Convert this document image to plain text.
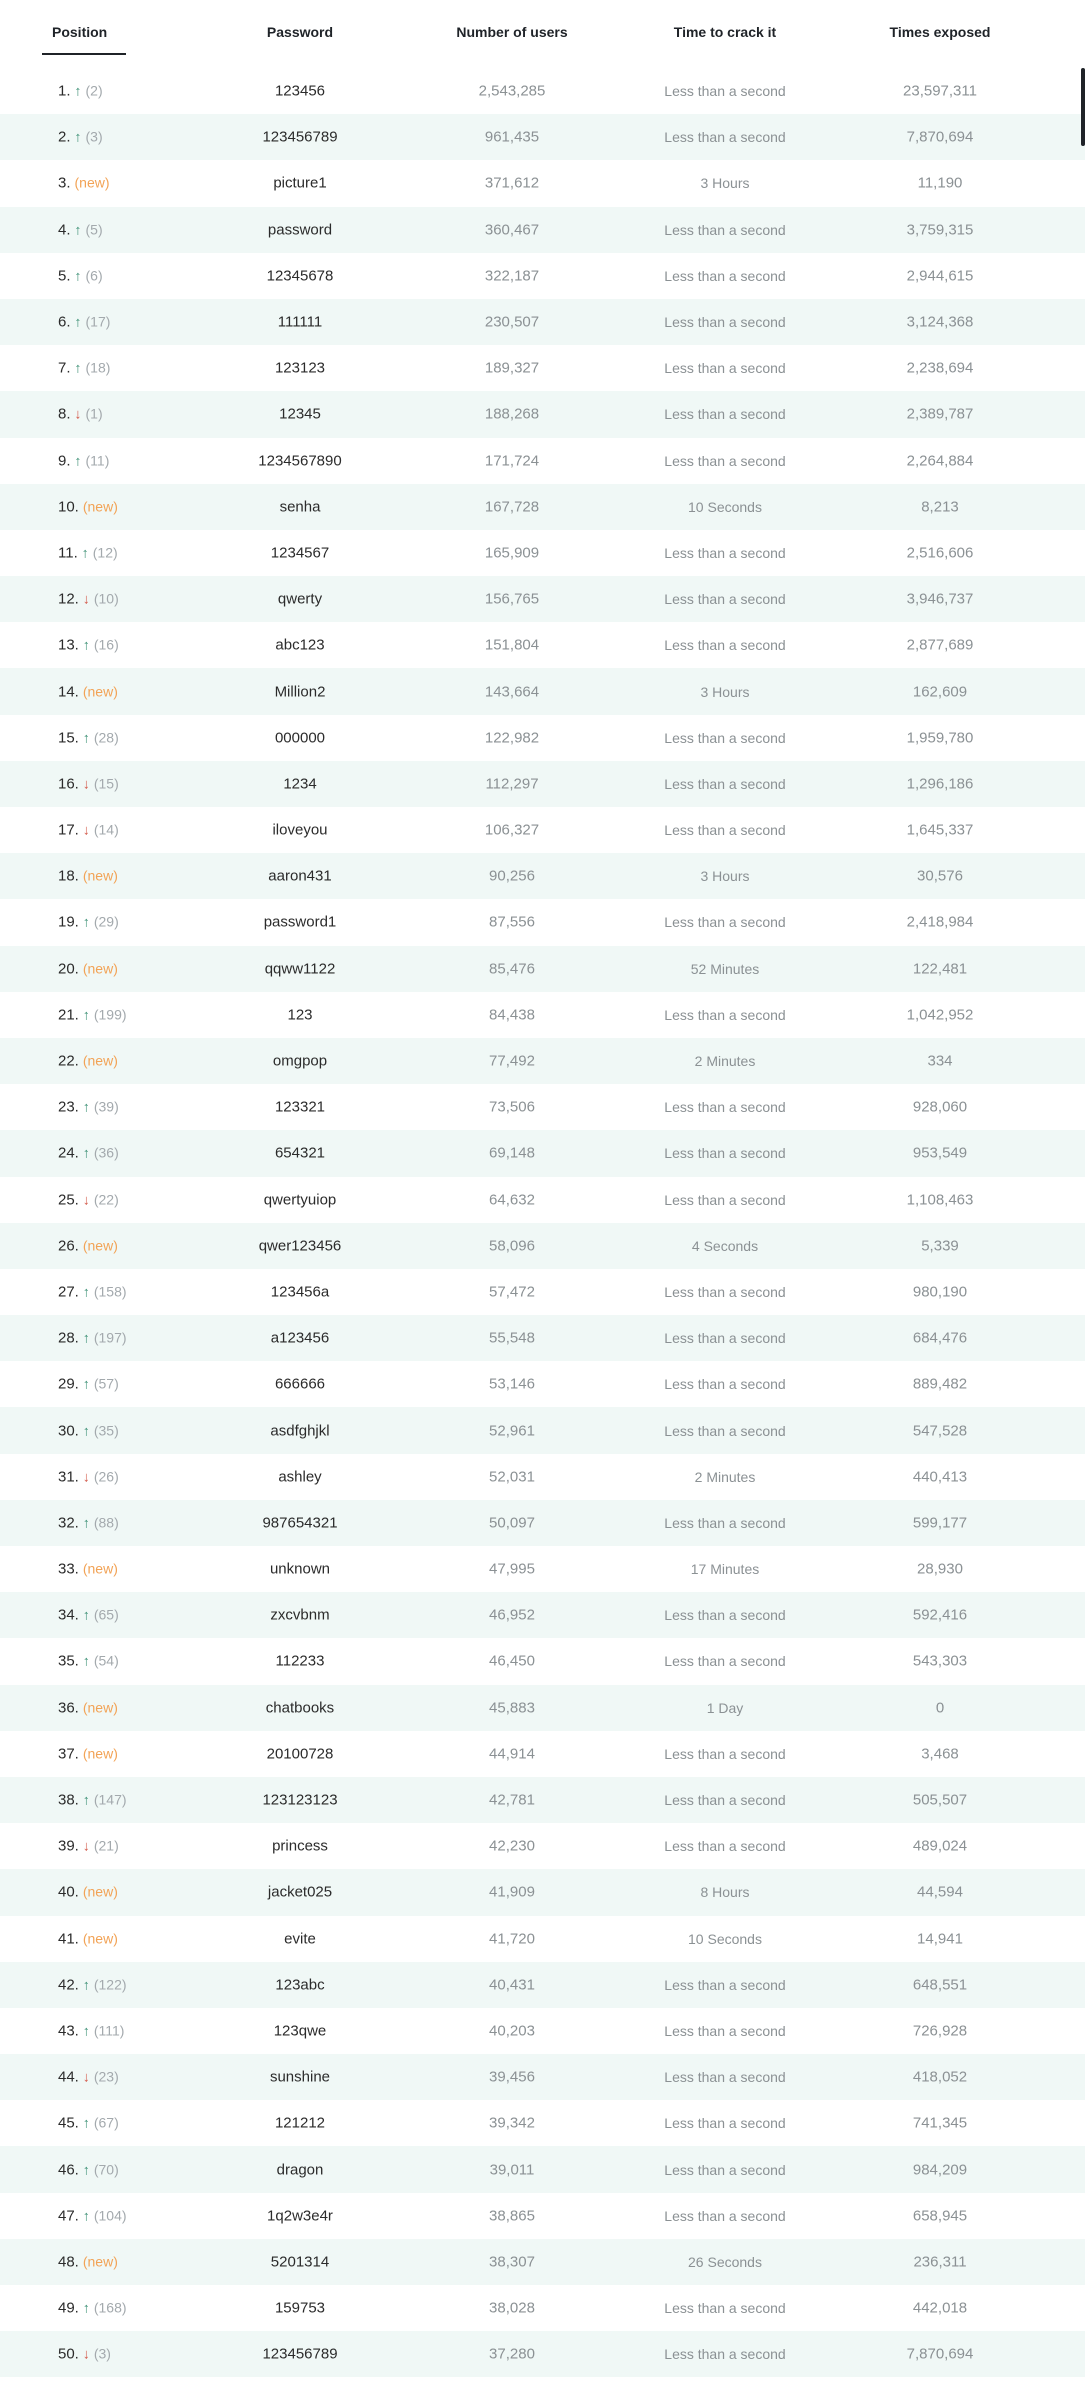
Position	Password	Number of users	Time to crack it	Times exposed
1. ↑ (2)	123456	2,543,285	Less than a second	23,597,311
2. ↑ (3)	123456789	961,435	Less than a second	7,870,694
3. (new)	picture1	371,612	3 Hours	11,190
4. ↑ (5)	password	360,467	Less than a second	3,759,315
5. ↑ (6)	12345678	322,187	Less than a second	2,944,615
6. ↑ (17)	111111	230,507	Less than a second	3,124,368
7. ↑ (18)	123123	189,327	Less than a second	2,238,694
8. ↓ (1)	12345	188,268	Less than a second	2,389,787
9. ↑ (11)	1234567890	171,724	Less than a second	2,264,884
10. (new)	senha	167,728	10 Seconds	8,213
11. ↑ (12)	1234567	165,909	Less than a second	2,516,606
12. ↓ (10)	qwerty	156,765	Less than a second	3,946,737
13. ↑ (16)	abc123	151,804	Less than a second	2,877,689
14. (new)	Million2	143,664	3 Hours	162,609
15. ↑ (28)	000000	122,982	Less than a second	1,959,780
16. ↓ (15)	1234	112,297	Less than a second	1,296,186
17. ↓ (14)	iloveyou	106,327	Less than a second	1,645,337
18. (new)	aaron431	90,256	3 Hours	30,576
19. ↑ (29)	password1	87,556	Less than a second	2,418,984
20. (new)	qqww1122	85,476	52 Minutes	122,481
21. ↑ (199)	123	84,438	Less than a second	1,042,952
22. (new)	omgpop	77,492	2 Minutes	334
23. ↑ (39)	123321	73,506	Less than a second	928,060
24. ↑ (36)	654321	69,148	Less than a second	953,549
25. ↓ (22)	qwertyuiop	64,632	Less than a second	1,108,463
26. (new)	qwer123456	58,096	4 Seconds	5,339
27. ↑ (158)	123456a	57,472	Less than a second	980,190
28. ↑ (197)	a123456	55,548	Less than a second	684,476
29. ↑ (57)	666666	53,146	Less than a second	889,482
30. ↑ (35)	asdfghjkl	52,961	Less than a second	547,528
31. ↓ (26)	ashley	52,031	2 Minutes	440,413
32. ↑ (88)	987654321	50,097	Less than a second	599,177
33. (new)	unknown	47,995	17 Minutes	28,930
34. ↑ (65)	zxcvbnm	46,952	Less than a second	592,416
35. ↑ (54)	112233	46,450	Less than a second	543,303
36. (new)	chatbooks	45,883	1 Day	0
37. (new)	20100728	44,914	Less than a second	3,468
38. ↑ (147)	123123123	42,781	Less than a second	505,507
39. ↓ (21)	princess	42,230	Less than a second	489,024
40. (new)	jacket025	41,909	8 Hours	44,594
41. (new)	evite	41,720	10 Seconds	14,941
42. ↑ (122)	123abc	40,431	Less than a second	648,551
43. ↑ (111)	123qwe	40,203	Less than a second	726,928
44. ↓ (23)	sunshine	39,456	Less than a second	418,052
45. ↑ (67)	121212	39,342	Less than a second	741,345
46. ↑ (70)	dragon	39,011	Less than a second	984,209
47. ↑ (104)	1q2w3e4r	38,865	Less than a second	658,945
48. (new)	5201314	38,307	26 Seconds	236,311
49. ↑ (168)	159753	38,028	Less than a second	442,018
50. ↓ (3)	123456789	37,280	Less than a second	7,870,694
